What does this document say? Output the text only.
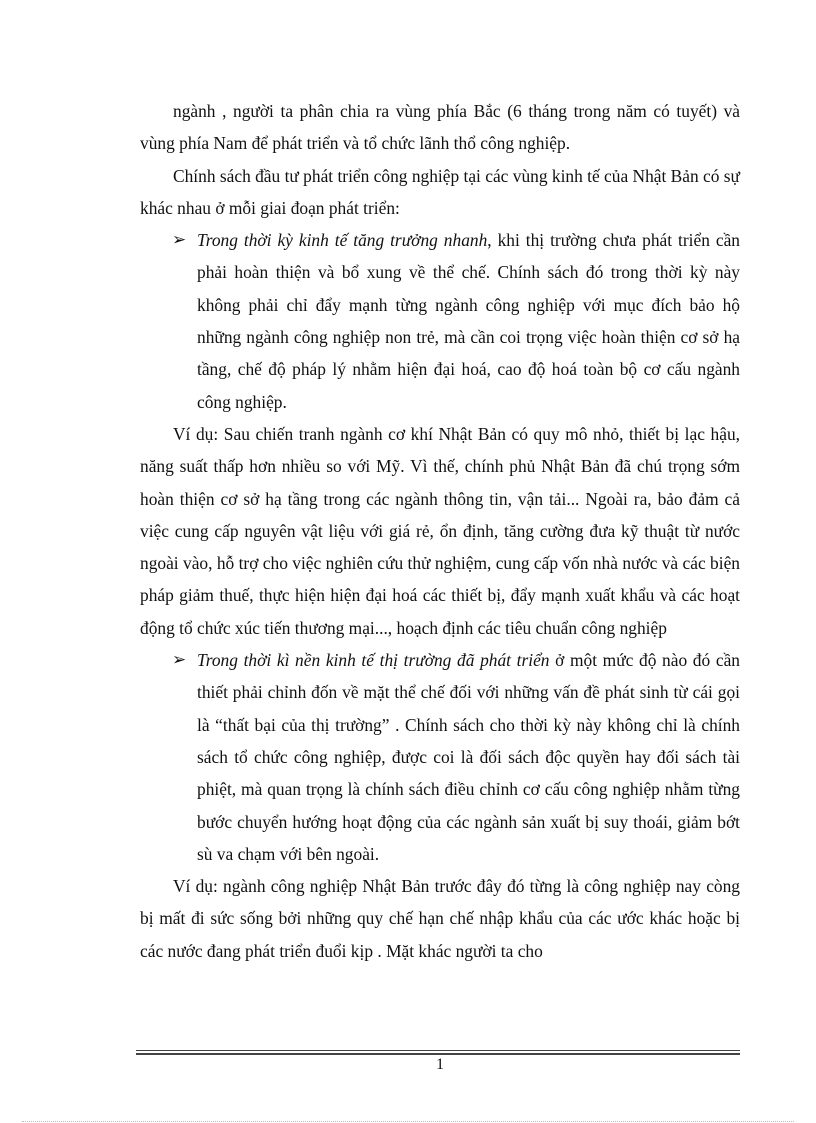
ngành , người ta phân chia ra vùng phía Bắc (6 tháng trong năm có tuyết) và vùng phía Nam để phát triển và tổ chức lãnh thổ công nghiệp.

Chính sách đầu tư phát triển công nghiệp tại các vùng kinh tế của Nhật Bản có sự khác nhau ở mỗi giai đoạn phát triển:

➢ Trong thời kỳ kinh tế tăng trưởng nhanh, khi thị trường chưa phát triển cần phải hoàn thiện và bổ xung về thể chế. Chính sách đó trong thời kỳ này không phải chỉ đẩy mạnh từng ngành công nghiệp với mục đích bảo hộ những ngành công nghiệp non trẻ, mà cần coi trọng việc hoàn thiện cơ sở hạ tầng, chế độ pháp lý nhằm hiện đại hoá, cao độ hoá toàn bộ cơ cấu ngành công nghiệp.

Ví dụ: Sau chiến tranh ngành cơ khí Nhật Bản có quy mô nhỏ, thiết bị lạc hậu, năng suất thấp hơn nhiều so với Mỹ. Vì thế, chính phủ Nhật Bản đã chú trọng sớm hoàn thiện cơ sở hạ tầng trong các ngành thông tin, vận tải... Ngoài ra, bảo đảm cả việc cung cấp nguyên vật liệu với giá rẻ, ổn định, tăng cường đưa kỹ thuật từ nước ngoài vào, hỗ trợ cho việc nghiên cứu thử nghiệm, cung cấp vốn nhà nước và các biện pháp giảm thuế, thực hiện hiện đại hoá các thiết bị, đẩy mạnh xuất khẩu và các hoạt động tổ chức xúc tiến thương mại..., hoạch định các tiêu chuẩn công nghiệp

➢ Trong thời kì nền kinh tế thị trường đã phát triển ở một mức độ nào đó cần thiết phải chỉnh đốn về mặt thể chế đối với những vấn đề phát sinh từ cái gọi là “thất bại của thị trường” . Chính sách cho thời kỳ này không chỉ là chính sách tổ chức công nghiệp, được coi là đối sách độc quyền hay đối sách tài phiệt, mà quan trọng là chính sách điều chỉnh cơ cấu công nghiệp nhằm từng bước chuyển hướng hoạt động của các ngành sản xuất bị suy thoái, giảm bớt sù va chạm với bên ngoài.

Ví dụ: ngành công nghiệp Nhật Bản trước đây đó từng là công nghiệp nay còng bị mất đi sức sống bởi những quy chế hạn chế nhập khẩu của các ước khác hoặc bị các nước đang phát triển đuổi kịp . Mặt khác người ta cho

1
